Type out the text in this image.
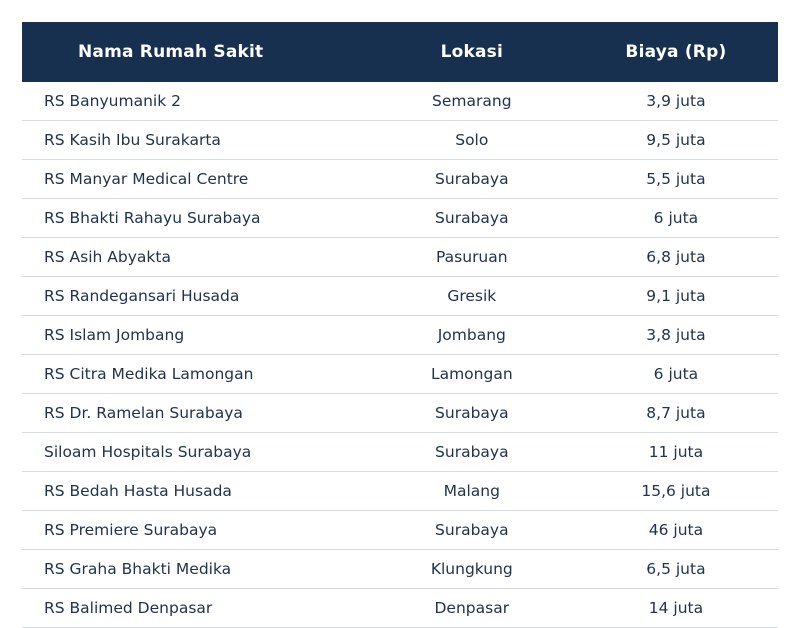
Nama Rumah Sakit	Lokasi	Biaya (Rp)
RS Banyumanik 2	Semarang	3,9 juta
RS Kasih Ibu Surakarta	Solo	9,5 juta
RS Manyar Medical Centre	Surabaya	5,5 juta
RS Bhakti Rahayu Surabaya	Surabaya	6 juta
RS Asih Abyakta	Pasuruan	6,8 juta
RS Randegansari Husada	Gresik	9,1 juta
RS Islam Jombang	Jombang	3,8 juta
RS Citra Medika Lamongan	Lamongan	6 juta
RS Dr. Ramelan Surabaya	Surabaya	8,7 juta
Siloam Hospitals Surabaya	Surabaya	11 juta
RS Bedah Hasta Husada	Malang	15,6 juta
RS Premiere Surabaya	Surabaya	46 juta
RS Graha Bhakti Medika	Klungkung	6,5 juta
RS Balimed Denpasar	Denpasar	14 juta
